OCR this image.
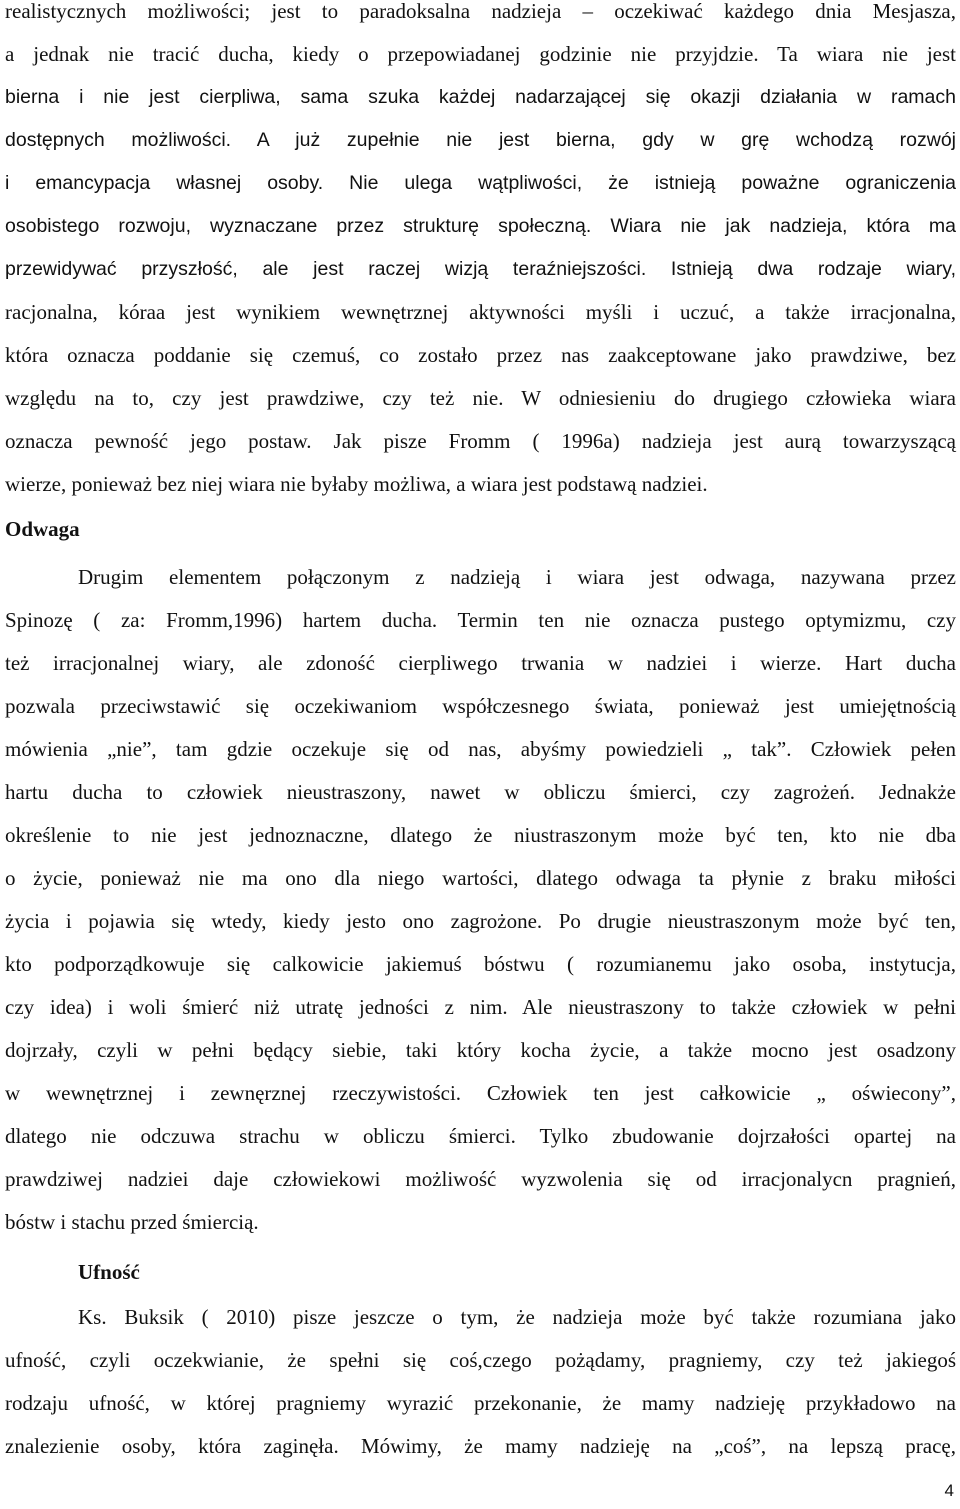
realistycznych możliwości; jest to paradoksalna nadzieja – oczekiwać każdego dnia Mesjasza,
a jednak nie tracić ducha, kiedy o przepowiadanej godzinie nie przyjdzie. Ta wiara nie jest
bierna i nie jest cierpliwa, sama szuka każdej nadarzającej się okazji działania w ramach
dostępnych możliwości. A już zupełnie nie jest bierna, gdy w grę wchodzą rozwój
i emancypacja własnej osoby. Nie ulega wątpliwości, że istnieją poważne ograniczenia
osobistego rozwoju, wyznaczane przez strukturę społeczną. Wiara nie jak nadzieja, która ma
przewidywać przyszłość, ale jest raczej wizją teraźniejszości. Istnieją dwa rodzaje wiary,
racjonalna, kóraa jest wynikiem wewnętrznej aktywności myśli i uczuć, a także irracjonalna,
która oznacza poddanie się czemuś, co zostało przez nas zaakceptowane jako prawdziwe, bez
względu na to, czy jest prawdziwe, czy też nie. W odniesieniu do drugiego człowieka wiara
oznacza pewność jego postaw. Jak pisze Fromm ( 1996a) nadzieja jest aurą towarzyszącą
wierze, ponieważ bez niej wiara nie byłaby możliwa, a wiara jest podstawą nadziei.
Odwaga
Drugim elementem połączonym z nadzieją i wiara jest odwaga, nazywana przez
Spinozę ( za: Fromm,1996) hartem ducha. Termin ten nie oznacza pustego optymizmu, czy
też irracjonalnej wiary, ale zdoność cierpliwego trwania w nadziei i wierze. Hart ducha
pozwala przeciwstawić się oczekiwaniom współczesnego świata, ponieważ jest umiejętnością
mówienia „nie”, tam gdzie oczekuje się od nas, abyśmy powiedzieli „ tak”. Człowiek pełen
hartu ducha to człowiek nieustraszony, nawet w obliczu śmierci, czy zagrożeń. Jednakże
określenie to nie jest jednoznaczne, dlatego że niustraszonym może być ten, kto nie dba
o życie, ponieważ nie ma ono dla niego wartości, dlatego odwaga ta płynie z braku miłości
życia i pojawia się wtedy, kiedy jesto ono zagrożone. Po drugie nieustraszonym może być ten,
kto podporządkowuje się calkowicie jakiemuś bóstwu ( rozumianemu jako osoba, instytucja,
czy idea) i woli śmierć niż utratę jedności z nim. Ale nieustraszony to także człowiek w pełni
dojrzały, czyli w pełni będący siebie, taki który kocha życie, a także mocno jest osadzony
w wewnętrznej i zewnęrznej rzeczywistości. Człowiek ten jest całkowicie „ oświecony”,
dlatego nie odczuwa strachu w obliczu śmierci. Tylko zbudowanie dojrzałości opartej na
prawdziwej nadziei daje człowiekowi możliwość wyzwolenia się od irracjonalycn pragnień,
bóstw i stachu przed śmiercią.
Ufność
Ks. Buksik ( 2010) pisze jeszcze o tym, że nadzieja może być także rozumiana jako
ufność, czyli oczekwianie, że spełni się coś,czego pożądamy, pragniemy, czy też jakiegoś
rodzaju ufność, w której pragniemy wyrazić przekonanie, że mamy nadzieję przykładowo na
znalezienie osoby, która zaginęła. Mówimy, że mamy nadzieję na „coś”, na lepszą pracę,
4
